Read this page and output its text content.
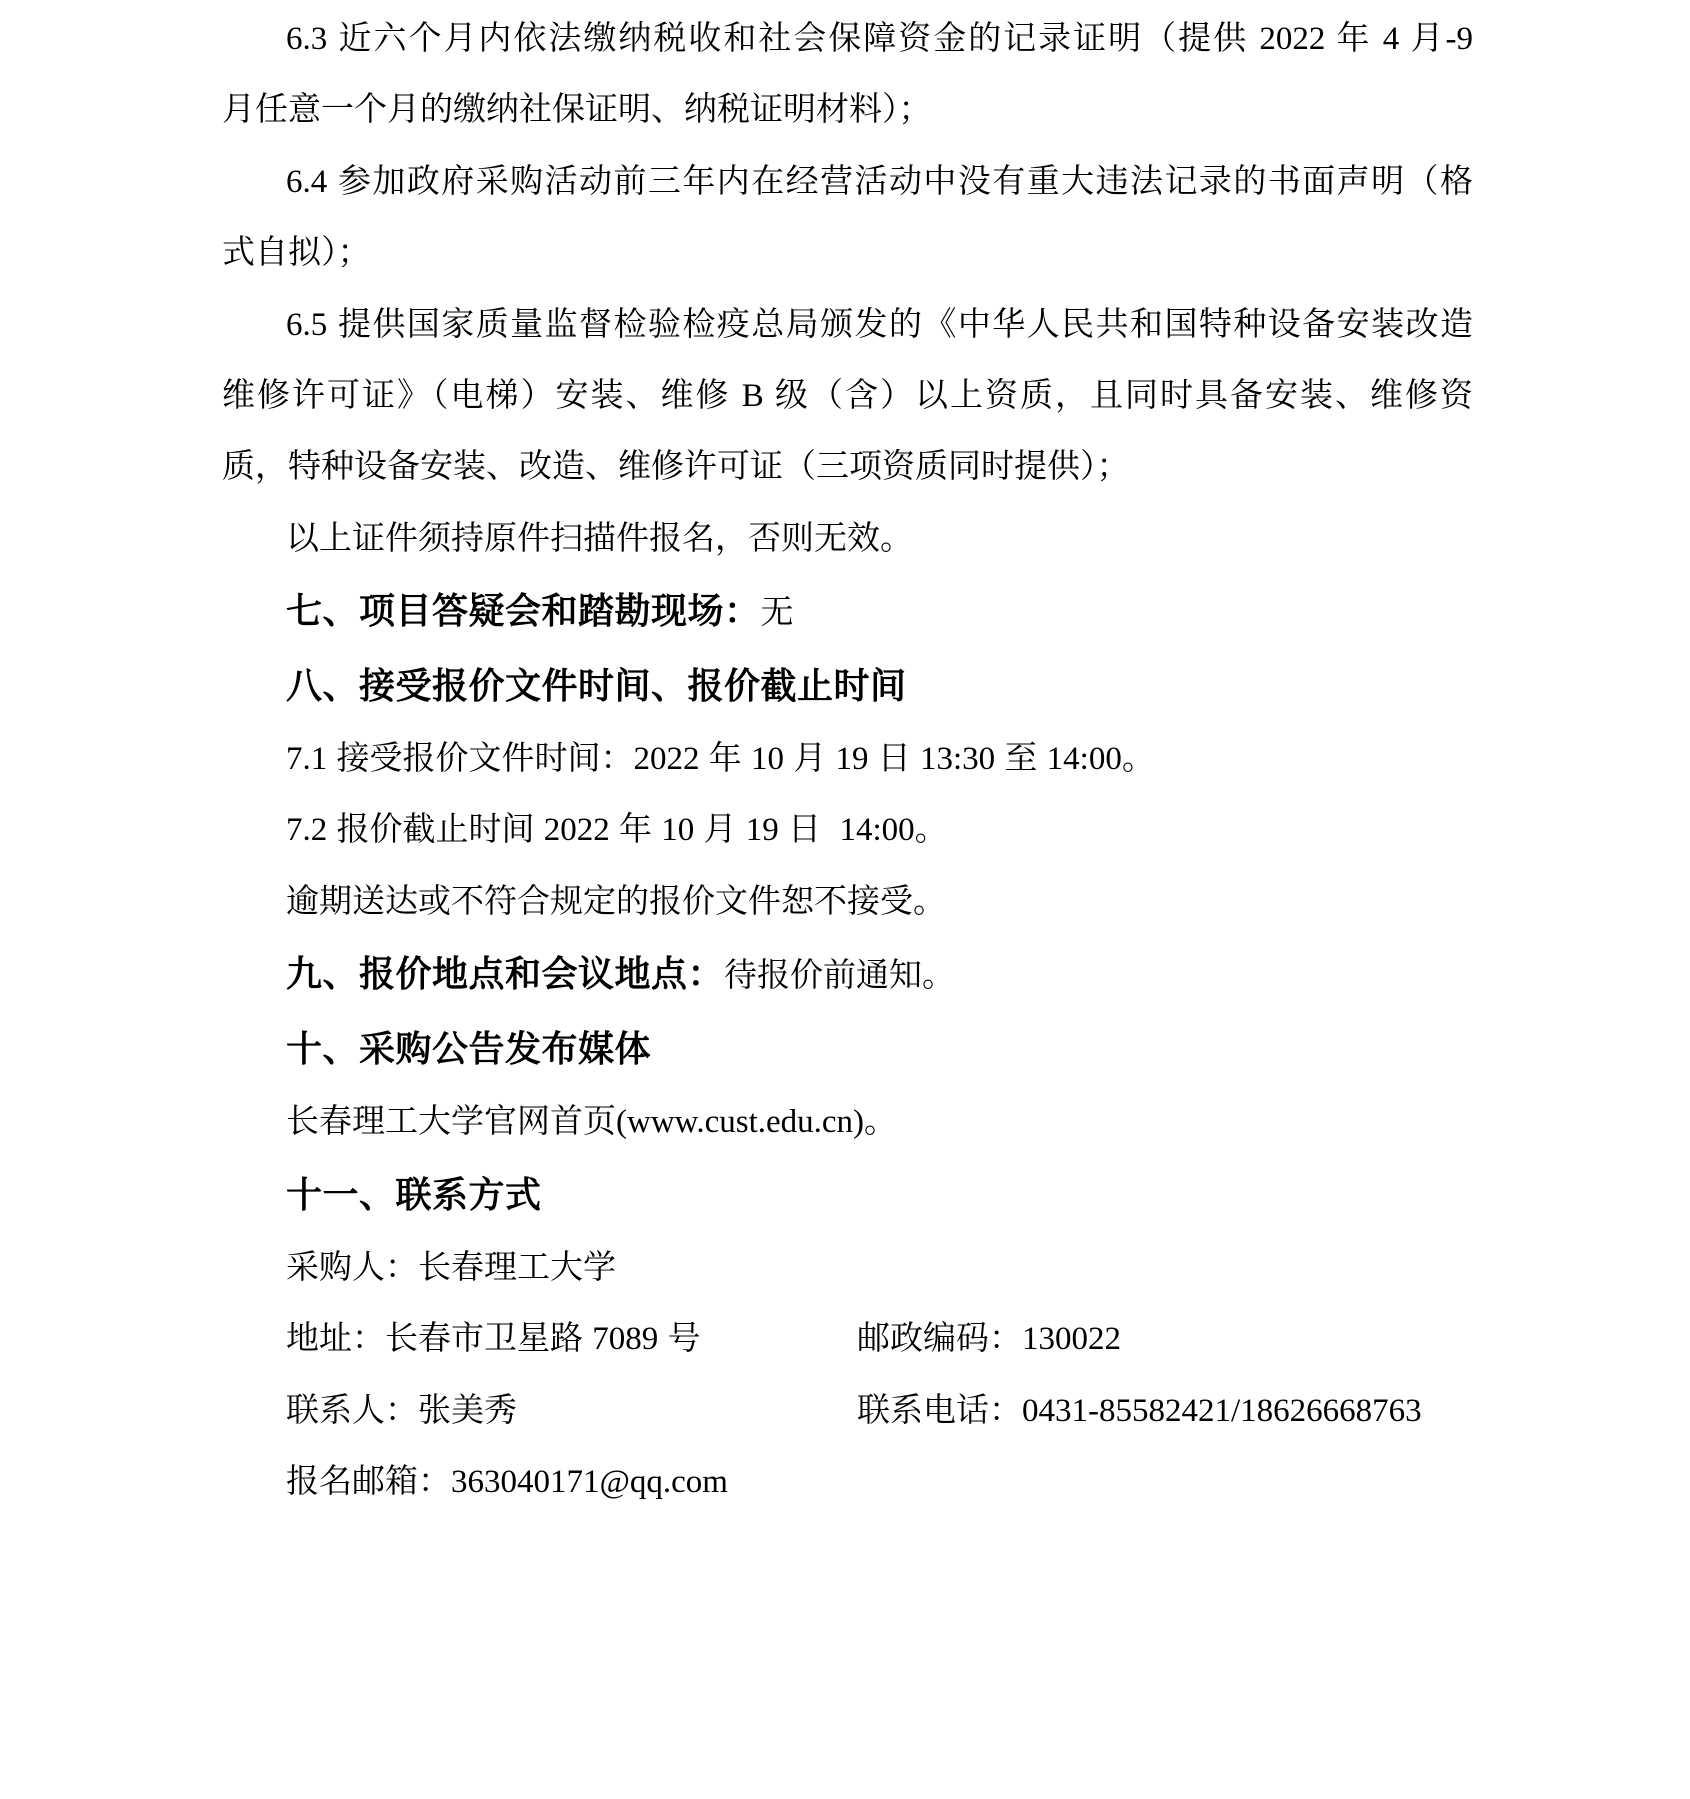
6.3 近六个月内依法缴纳税收和社会保障资金的记录证明（提供 2022 年 4 月-9
月任意一个月的缴纳社保证明、纳税证明材料）；
6.4 参加政府采购活动前三年内在经营活动中没有重大违法记录的书面声明（格
式自拟）；
6.5 提供国家质量监督检验检疫总局颁发的《中华人民共和国特种设备安装改造
维修许可证》（电梯）安装、维修 B 级（含）以上资质，且同时具备安装、维修资
质，特种设备安装、改造、维修许可证（三项资质同时提供）；
以上证件须持原件扫描件报名，否则无效。
七、项目答疑会和踏勘现场：无
八、接受报价文件时间、报价截止时间
7.1 接受报价文件时间：2022 年 10 月 19 日 13:30 至 14:00。
7.2 报价截止时间 2022 年 10 月 19 日  14:00。
逾期送达或不符合规定的报价文件恕不接受。
九、报价地点和会议地点：待报价前通知。
十、采购公告发布媒体
长春理工大学官网首页(www.cust.edu.cn)。
十一、联系方式
采购人：长春理工大学
地址：长春市卫星路 7089 号	邮政编码：130022
联系人：张美秀	联系电话：0431-85582421/18626668763
报名邮箱：363040171@qq.com
